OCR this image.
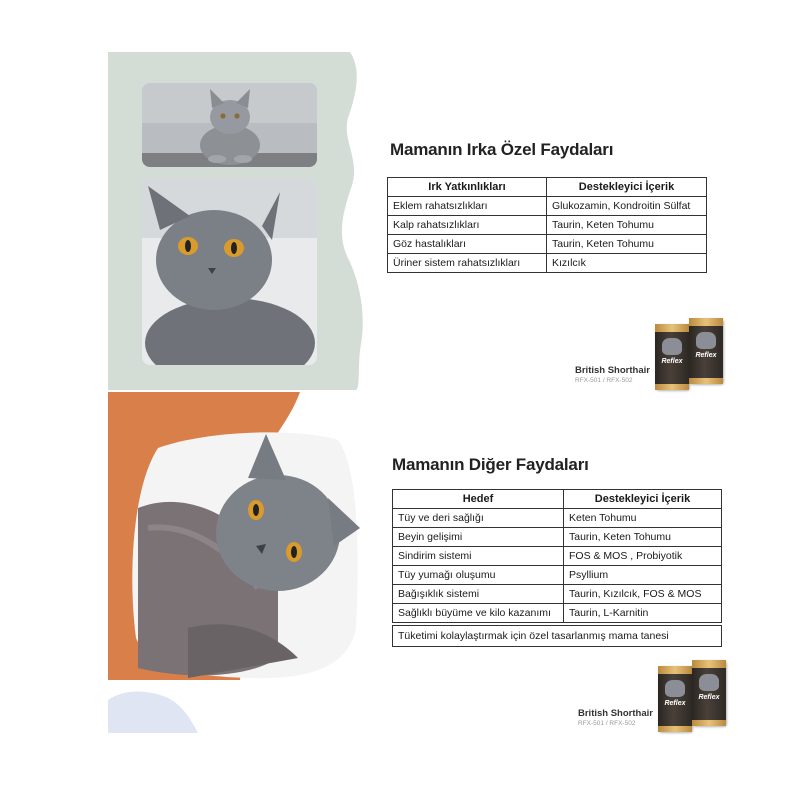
Mamanın Irka Özel Faydaları
Irk Yatkınlıkları	Destekleyici İçerik
Eklem rahatsızlıkları	Glukozamin, Kondroitin Sülfat
Kalp rahatsızlıkları	Taurin, Keten Tohumu
Göz hastalıkları	Taurin, Keten Tohumu
Üriner sistem rahatsızlıkları	Kızılcık
British Shorthair
RFX-501 / RFX-502
Reflex
Reflex
Mamanın Diğer Faydaları
Hedef	Destekleyici İçerik
Tüy ve deri sağlığı	Keten Tohumu
Beyin gelişimi	Taurin, Keten Tohumu
Sindirim sistemi	FOS & MOS , Probiyotik
Tüy yumağı oluşumu	Psyllium
Bağışıklık sistemi	Taurin, Kızılcık, FOS & MOS
Sağlıklı büyüme ve kilo kazanımı	Taurin, L-Karnitin
Tüketimi kolaylaştırmak için özel tasarlanmış mama tanesi
British Shorthair
RFX-501 / RFX-502
Reflex
Reflex
